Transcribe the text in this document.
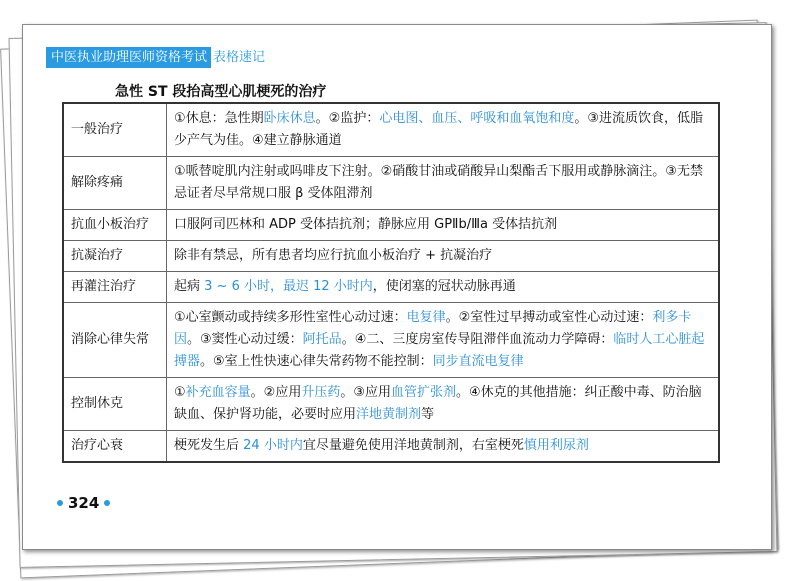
中医执业助理医师资格考试 表格速记
急性 ST 段抬高型心肌梗死的治疗
一般治疗	①休息：急性期卧床休息。②监护：心电图、血压、呼吸和血氧饱和度。③进流质饮食，低脂少产气为佳。④建立静脉通道
解除疼痛	①哌替啶肌内注射或吗啡皮下注射。②硝酸甘油或硝酸异山梨酯舌下服用或静脉滴注。③无禁忌证者尽早常规口服 β 受体阻滞剂
抗血小板治疗	口服阿司匹林和 ADP 受体拮抗剂；静脉应用 GPⅡb/Ⅲa 受体拮抗剂
抗凝治疗	除非有禁忌，所有患者均应行抗血小板治疗 + 抗凝治疗
再灌注治疗	起病 3 ~ 6 小时，最迟 12 小时内，使闭塞的冠状动脉再通
消除心律失常	①心室颤动或持续多形性室性心动过速：电复律。②室性过早搏动或室性心动过速：利多卡因。③窦性心动过缓：阿托品。④二、三度房室传导阻滞伴血流动力学障碍：临时人工心脏起搏器。⑤室上性快速心律失常药物不能控制：同步直流电复律
控制休克	①补充血容量。②应用升压药。③应用血管扩张剂。④休克的其他措施：纠正酸中毒、防治脑缺血、保护肾功能，必要时应用洋地黄制剂等
治疗心衰	梗死发生后 24 小时内宜尽量避免使用洋地黄制剂，右室梗死慎用利尿剂
324
